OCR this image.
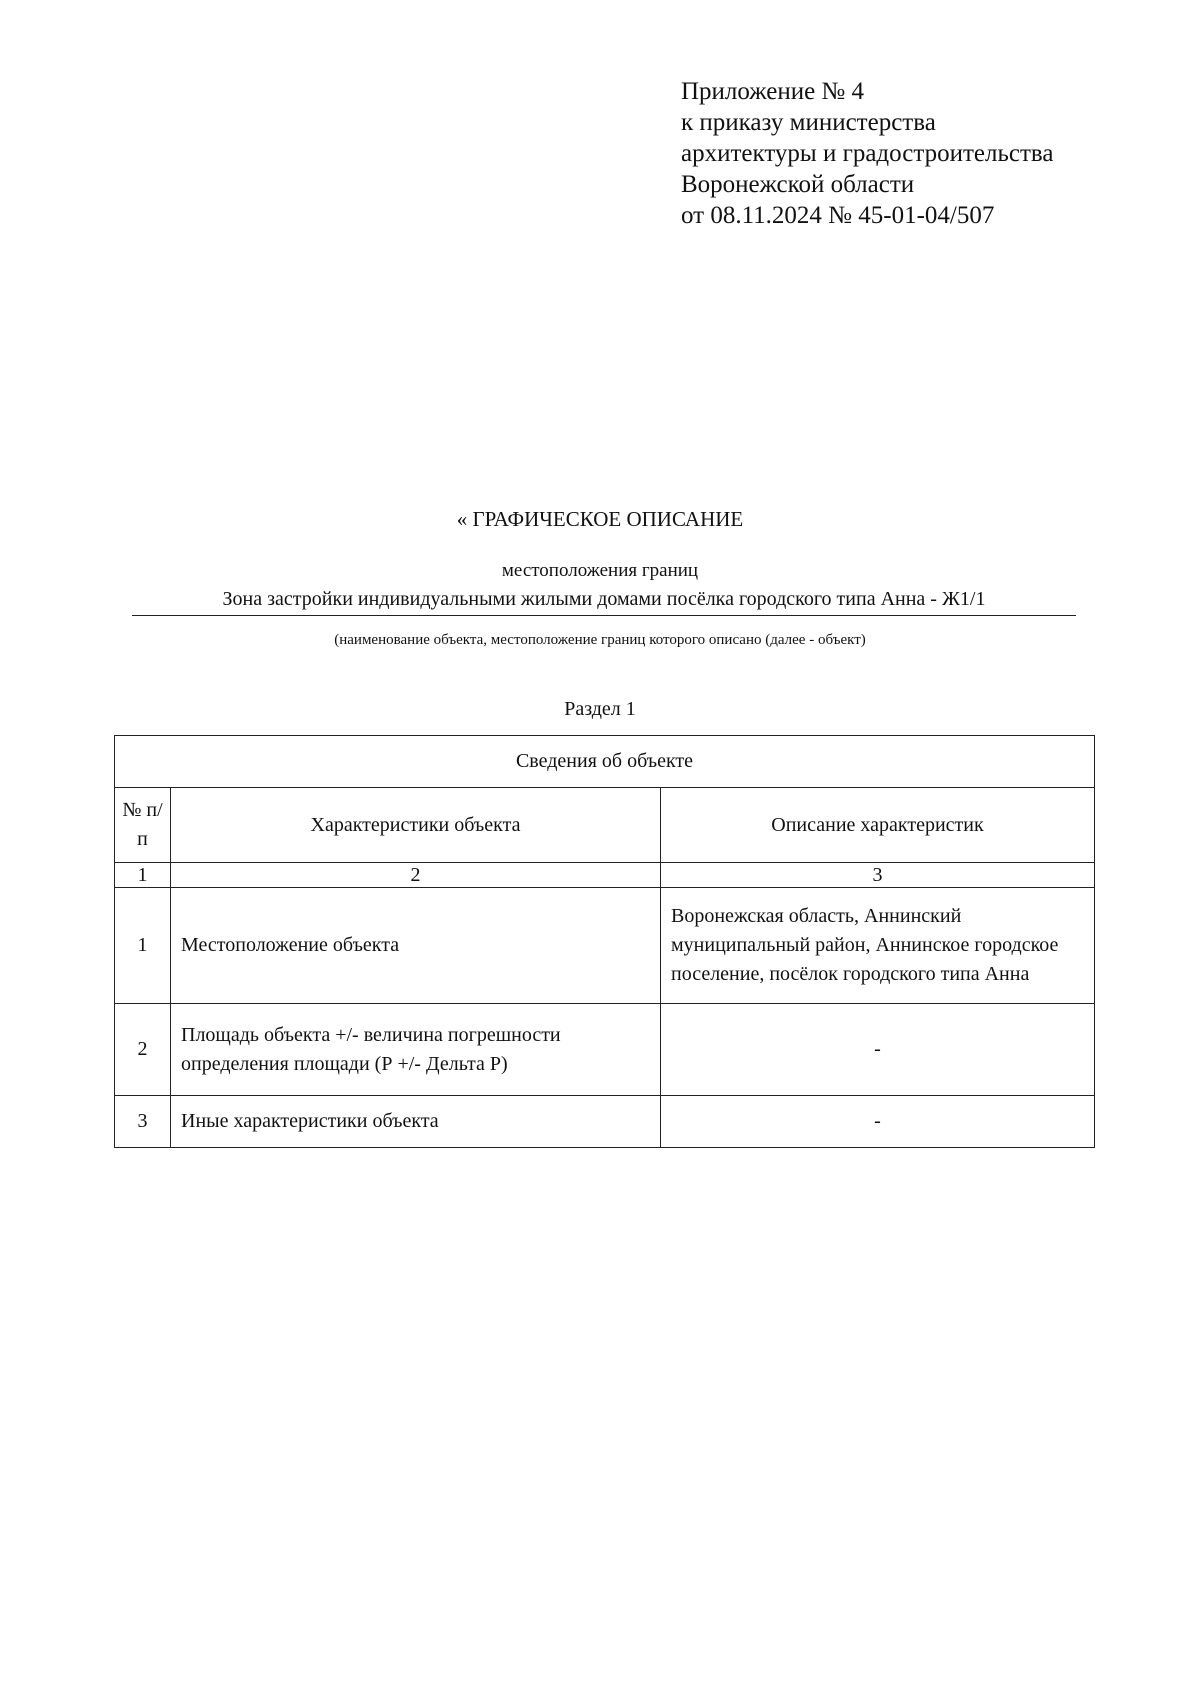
Приложение № 4
к приказу министерства
архитектуры и градостроительства
Воронежской области
от 08.11.2024 № 45-01-04/507
« ГРАФИЧЕСКОЕ ОПИСАНИЕ
местоположения границ
Зона застройки индивидуальными жилыми домами посёлка городского типа Анна - Ж1/1
(наименование объекта, местоположение границ которого описано (далее - объект)
Раздел 1
Сведения об объекте		
№ п/п	Характеристики объекта	Описание характеристик
1	2	3
1	Местоположение объекта	Воронежская область, Аннинский муниципальный район, Аннинское городское поселение, посёлок городского типа Анна
2	Площадь объекта +/- величина погрешности определения площади (Р +/- Дельта Р)	-
3	Иные характеристики объекта	-
